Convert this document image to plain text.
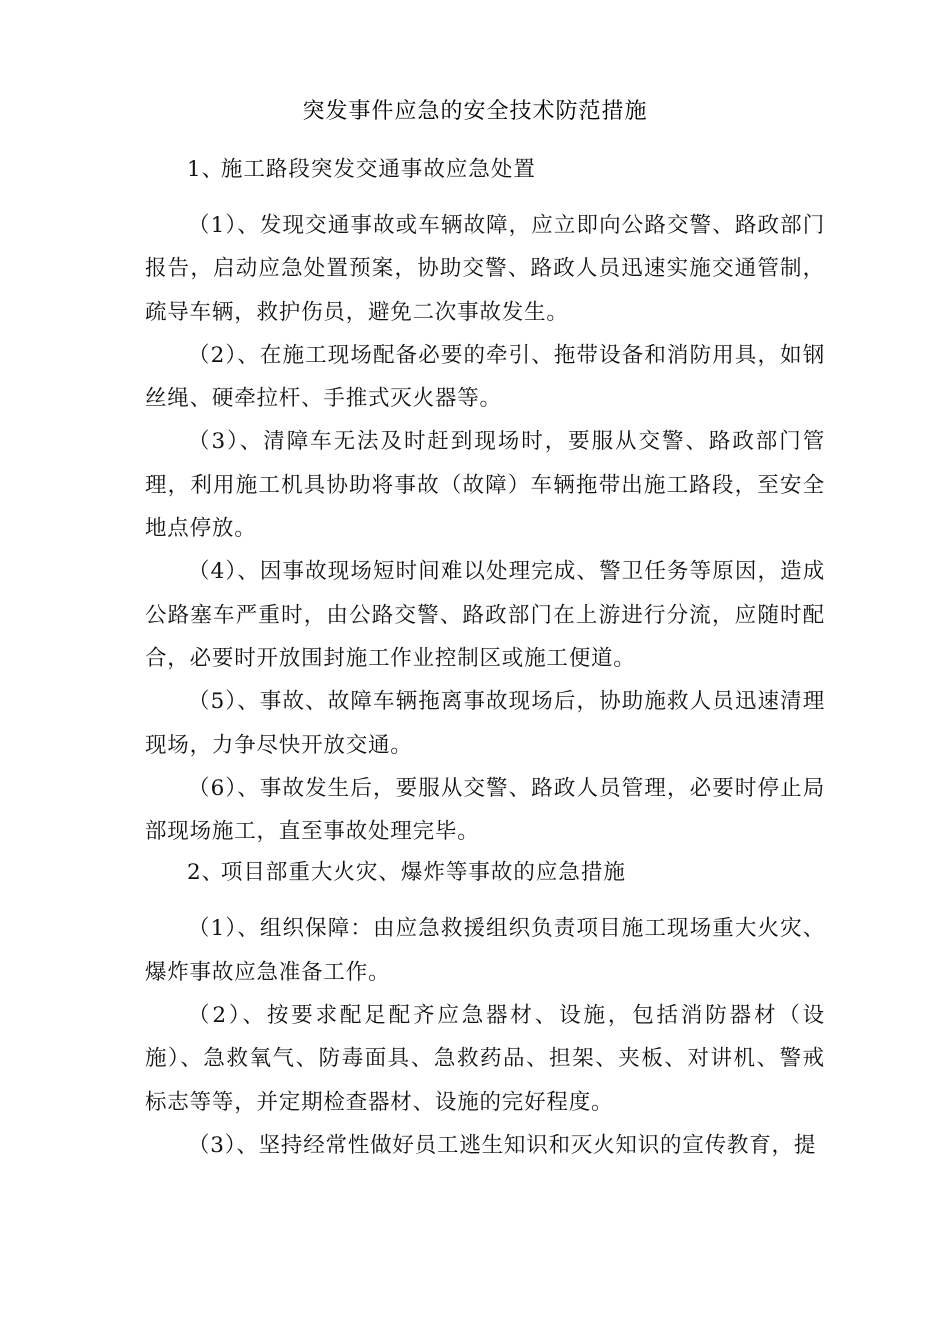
突发事件应急的安全技术防范措施

1、 施工路段突发交通事故应急处置

（1）、发现交通事故或车辆故障，应立即向公路交警、路政部门报告，启动应急处置预案，协助交警、路政人员迅速实施交通管制，疏导车辆，救护伤员，避免二次事故发生。

（2）、在施工现场配备必要的牵引、拖带设备和消防用具，如钢丝绳、硬牵拉杆、手推式灭火器等。

（3）、清障车无法及时赶到现场时，要服从交警、路政部门管理，利用施工机具协助将事故（故障）车辆拖带出施工路段，至安全地点停放。

（4）、因事故现场短时间难以处理完成、警卫任务等原因，造成公路塞车严重时，由公路交警、路政部门在上游进行分流，应随时配合，必要时开放围封施工作业控制区或施工便道。

（5）、事故、故障车辆拖离事故现场后，协助施救人员迅速清理现场，力争尽快开放交通。

（6）、事故发生后，要服从交警、路政人员管理，必要时停止局部现场施工，直至事故处理完毕。

2、 项目部重大火灾、爆炸等事故的应急措施

（1）、组织保障：由应急救援组织负责项目施工现场重大火灾、爆炸事故应急准备工作。

（2）、按要求配足配齐应急器材、设施，包括消防器材（设施）、急救氧气、防毒面具、急救药品、担架、夹板、对讲机、警戒标志等等，并定期检查器材、设施的完好程度。

（3）、坚持经常性做好员工逃生知识和灭火知识的宣传教育，提
